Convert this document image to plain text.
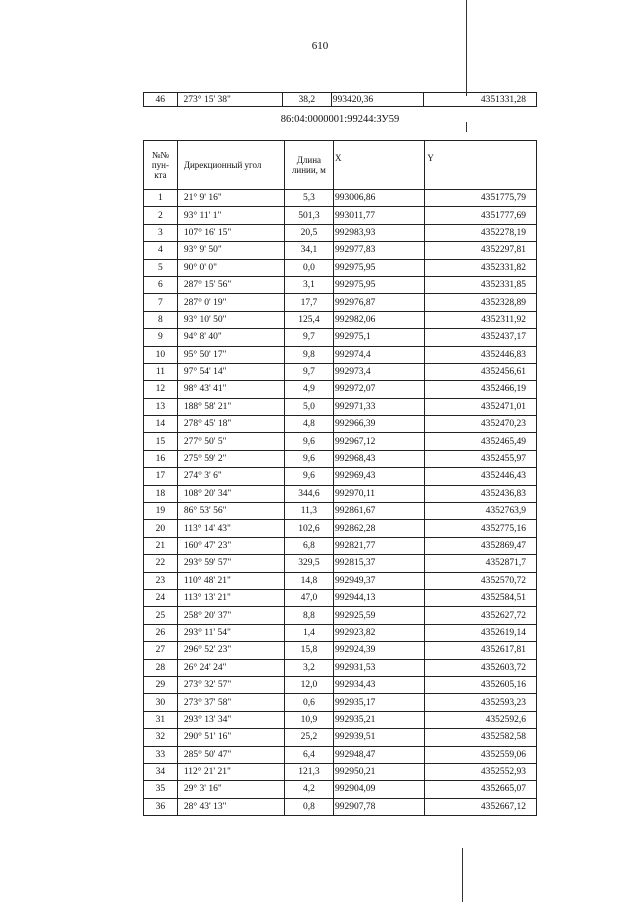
610
46	273° 15' 38"	38,2	993420,36	4351331,28
86:04:0000001:99244:ЗУ59
№№ пун-кта	Дирекционный угол	Длина линии, м	X	Y
1	21° 9' 16"	5,3	993006,86	4351775,79
2	93° 11' 1"	501,3	993011,77	4351777,69
3	107° 16' 15"	20,5	992983,93	4352278,19
4	93° 9' 50"	34,1	992977,83	4352297,81
5	90° 0' 0"	0,0	992975,95	4352331,82
6	287° 15' 56"	3,1	992975,95	4352331,85
7	287° 0' 19"	17,7	992976,87	4352328,89
8	93° 10' 50"	125,4	992982,06	4352311,92
9	94° 8' 40"	9,7	992975,1	4352437,17
10	95° 50' 17"	9,8	992974,4	4352446,83
11	97° 54' 14"	9,7	992973,4	4352456,61
12	98° 43' 41"	4,9	992972,07	4352466,19
13	188° 58' 21"	5,0	992971,33	4352471,01
14	278° 45' 18"	4,8	992966,39	4352470,23
15	277° 50' 5"	9,6	992967,12	4352465,49
16	275° 59' 2"	9,6	992968,43	4352455,97
17	274° 3' 6"	9,6	992969,43	4352446,43
18	108° 20' 34"	344,6	992970,11	4352436,83
19	86° 53' 56"	11,3	992861,67	4352763,9
20	113° 14' 43"	102,6	992862,28	4352775,16
21	160° 47' 23"	6,8	992821,77	4352869,47
22	293° 59' 57"	329,5	992815,37	4352871,7
23	110° 48' 21"	14,8	992949,37	4352570,72
24	113° 13' 21"	47,0	992944,13	4352584,51
25	258° 20' 37"	8,8	992925,59	4352627,72
26	293° 11' 54"	1,4	992923,82	4352619,14
27	296° 52' 23"	15,8	992924,39	4352617,81
28	26° 24' 24"	3,2	992931,53	4352603,72
29	273° 32' 57"	12,0	992934,43	4352605,16
30	273° 37' 58"	0,6	992935,17	4352593,23
31	293° 13' 34"	10,9	992935,21	4352592,6
32	290° 51' 16"	25,2	992939,51	4352582,58
33	285° 50' 47"	6,4	992948,47	4352559,06
34	112° 21' 21"	121,3	992950,21	4352552,93
35	29° 3' 16"	4,2	992904,09	4352665,07
36	28° 43' 13"	0,8	992907,78	4352667,12
